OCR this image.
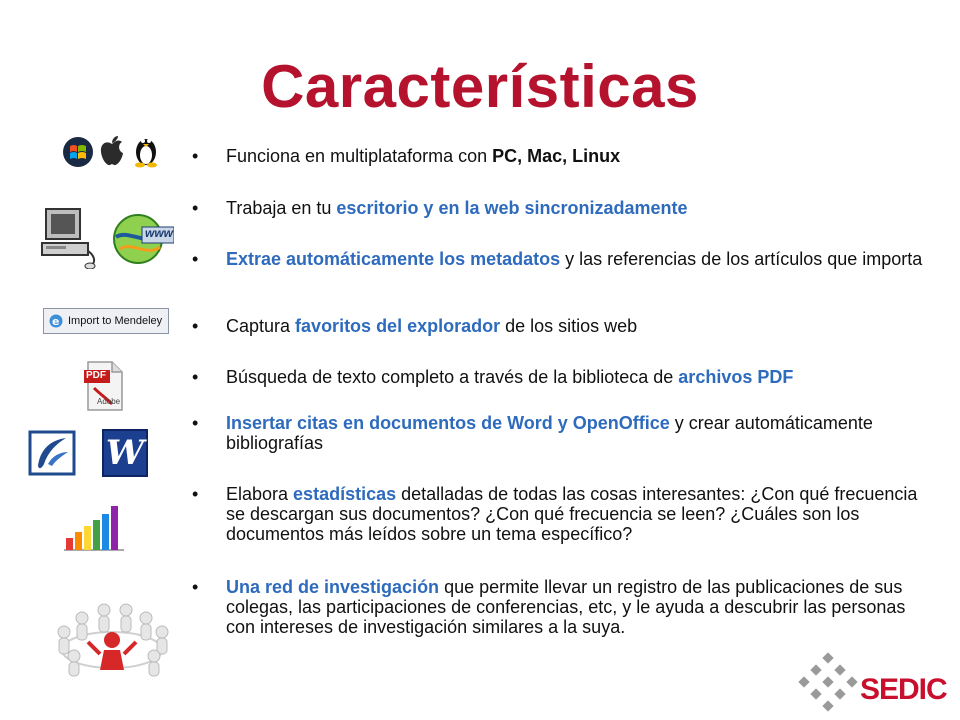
Características
• Funciona en multiplataforma con PC, Mac, Linux
• Trabaja en tu escritorio y en la web sincronizadamente
• Extrae automáticamente los metadatos y las referencias de los artículos que importa
• Captura favoritos del explorador de los sitios web
• Búsqueda de texto completo a través de la biblioteca de archivos PDF
• Insertar citas en documentos de Word y OpenOffice y crear automáticamente bibliografías
• Elabora estadísticas detalladas de todas las cosas interesantes: ¿Con qué frecuencia se descargan sus documentos? ¿Con qué frecuencia se leen? ¿Cuáles son los documentos más leídos sobre un tema específico?
• Una red de investigación que permite llevar un registro de las publicaciones de sus colegas, las participaciones de conferencias, etc, y le ayuda a descubrir las personas con intereses de investigación similares a la suya.
www
e Import to Mendeley
PDF
Adobe
W
SEDIC
